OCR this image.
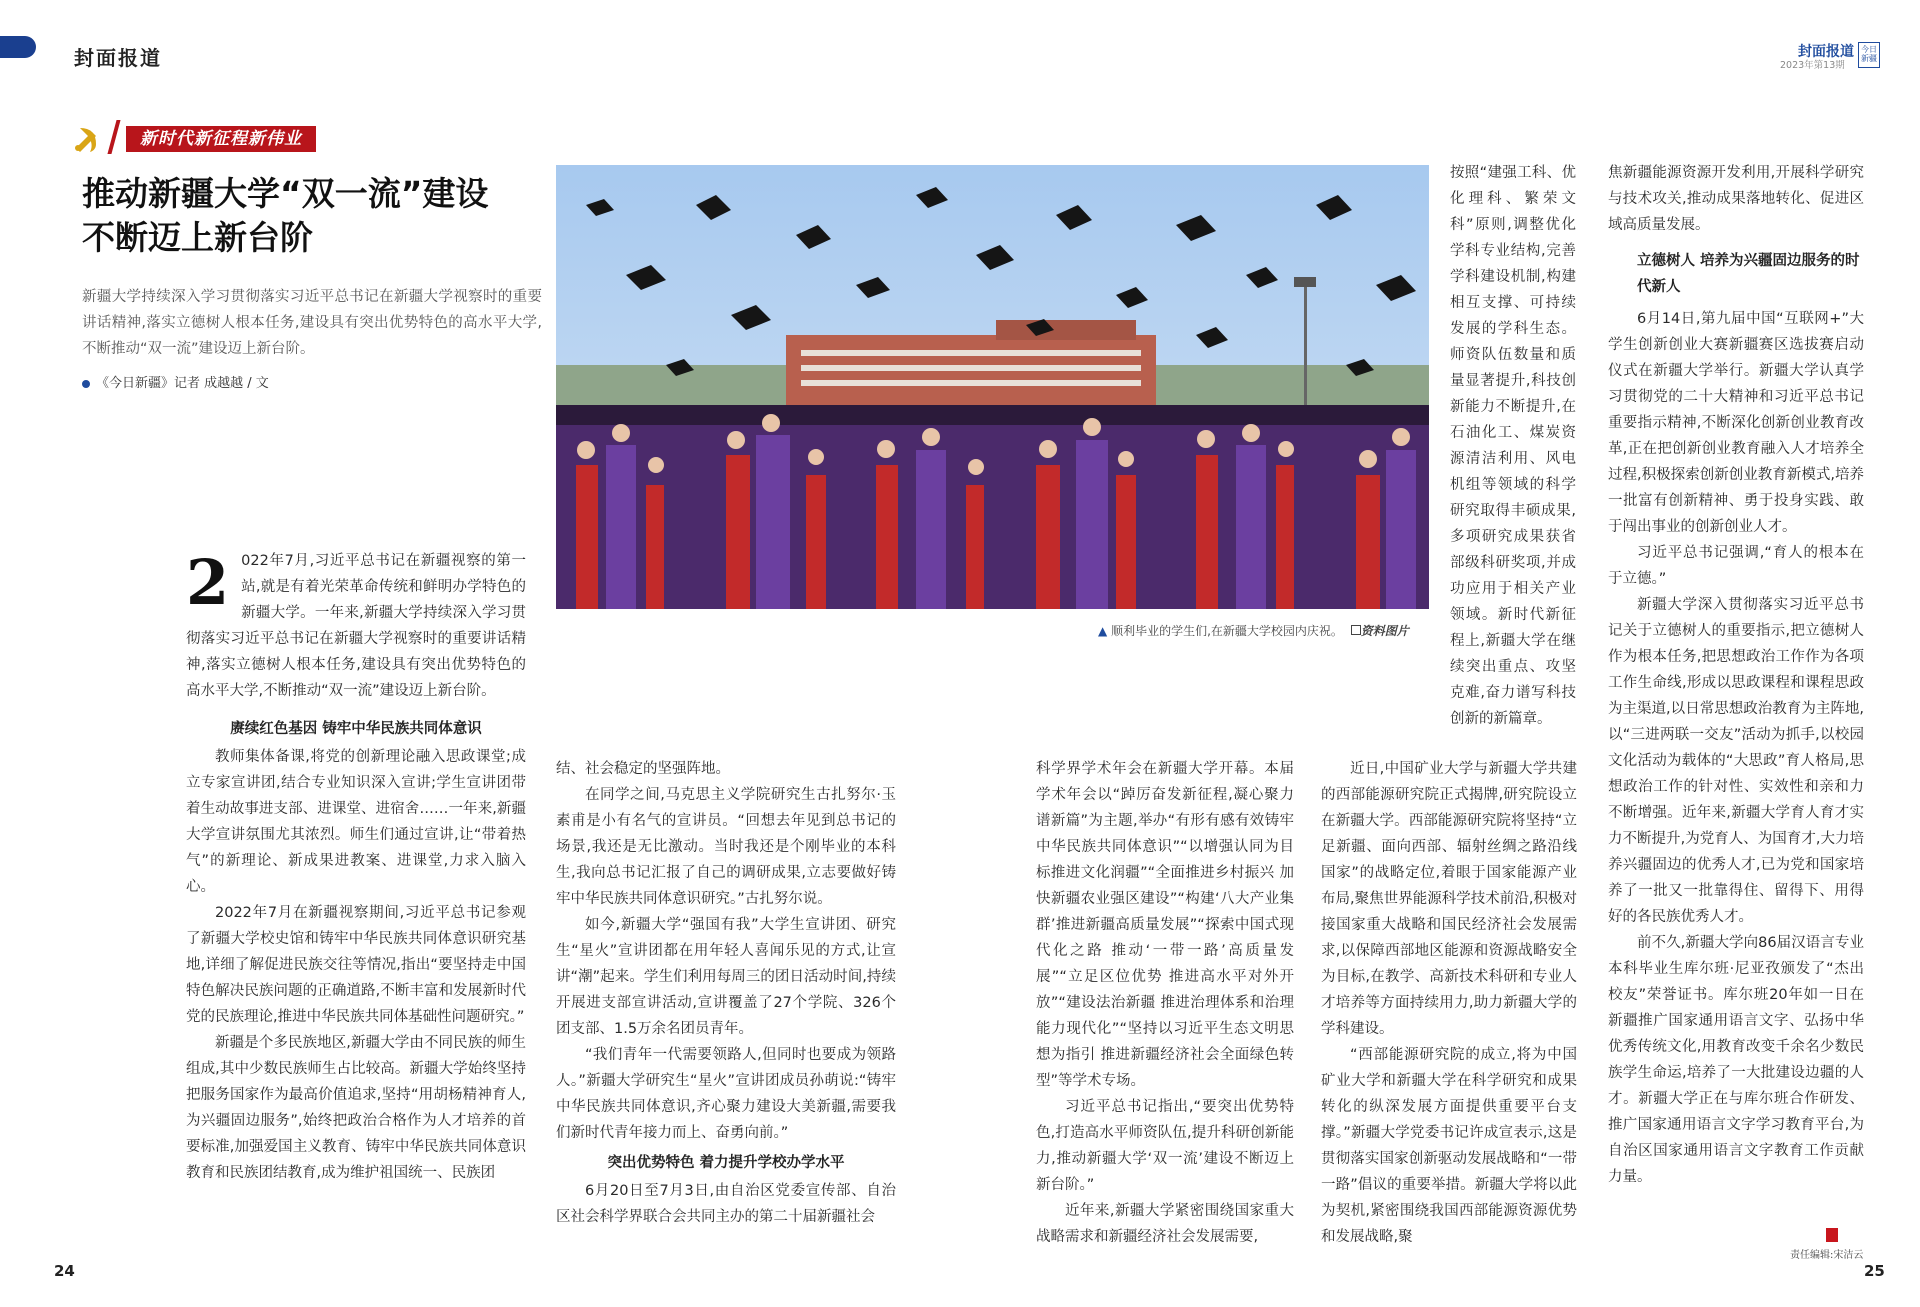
封面报道	封面报道
2023年第13期
今日新疆
新时代新征程新伟业
推动新疆大学“双一流”建设
不断迈上新台阶
新疆大学持续深入学习贯彻落实习近平总书记在新疆大学视察时的重要讲话精神,落实立德树人根本任务,建设具有突出优势特色的高水平大学,不断推动“双一流”建设迈上新台阶。
《今日新疆》记者 成越越 / 文
▲ 顺利毕业的学生们,在新疆大学校园内庆祝。 资料图片
2 022年7月,习近平总书记在新疆视察的第一站,就是有着光荣革命传统和鲜明办学特色的新疆大学。一年来,新疆大学持续深入学习贯彻落实习近平总书记在新疆大学视察时的重要讲话精神,落实立德树人根本任务,建设具有突出优势特色的高水平大学,不断推动“双一流”建设迈上新台阶。
赓续红色基因 铸牢中华民族共同体意识

教师集体备课,将党的创新理论融入思政课堂;成立专家宣讲团,结合专业知识深入宣讲;学生宣讲团带着生动故事进支部、进课堂、进宿舍……一年来,新疆大学宣讲氛围尤其浓烈。师生们通过宣讲,让“带着热气”的新理论、新成果进教案、进课堂,力求入脑入心。

2022年7月在新疆视察期间,习近平总书记参观了新疆大学校史馆和铸牢中华民族共同体意识研究基地,详细了解促进民族交往等情况,指出“要坚持走中国特色解决民族问题的正确道路,不断丰富和发展新时代党的民族理论,推进中华民族共同体基础性问题研究。”

新疆是个多民族地区,新疆大学由不同民族的师生组成,其中少数民族师生占比较高。新疆大学始终坚持把服务国家作为最高价值追求,坚持“用胡杨精神育人,为兴疆固边服务”,始终把政治合格作为人才培养的首要标准,加强爱国主义教育、铸牢中华民族共同体意识教育和民族团结教育,成为维护祖国统一、民族团

结、社会稳定的坚强阵地。

在同学之间,马克思主义学院研究生古扎努尔·玉素甫是小有名气的宣讲员。“回想去年见到总书记的场景,我还是无比激动。当时我还是个刚毕业的本科生,我向总书记汇报了自己的调研成果,立志要做好铸牢中华民族共同体意识研究。”古扎努尔说。

如今,新疆大学“强国有我”大学生宣讲团、研究生“星火”宣讲团都在用年轻人喜闻乐见的方式,让宣讲“潮”起来。学生们利用每周三的团日活动时间,持续开展进支部宣讲活动,宣讲覆盖了27个学院、326个团支部、1.5万余名团员青年。

“我们青年一代需要领路人,但同时也要成为领路人。”新疆大学研究生“星火”宣讲团成员孙萌说:“铸牢中华民族共同体意识,齐心聚力建设大美新疆,需要我们新时代青年接力而上、奋勇向前。”

突出优势特色 着力提升学校办学水平

6月20日至7月3日,由自治区党委宣传部、自治区社会科学界联合会共同主办的第二十届新疆社会

科学界学术年会在新疆大学开幕。本届学术年会以“踔厉奋发新征程,凝心聚力谱新篇”为主题,举办“有形有感有效铸牢中华民族共同体意识”“以增强认同为目标推进文化润疆”“全面推进乡村振兴 加快新疆农业强区建设”“构建‘八大产业集群’推进新疆高质量发展”“探索中国式现代化之路 推动‘一带一路’高质量发展”“立足区位优势 推进高水平对外开放”“建设法治新疆 推进治理体系和治理能力现代化”“坚持以习近平生态文明思想为指引 推进新疆经济社会全面绿色转型”等学术专场。

习近平总书记指出,“要突出优势特色,打造高水平师资队伍,提升科研创新能力,推动新疆大学‘双一流’建设不断迈上新台阶。”

近年来,新疆大学紧密围绕国家重大战略需求和新疆经济社会发展需要,

按照“建强工科、优化理科、繁荣文科”原则,调整优化学科专业结构,完善学科建设机制,构建相互支撑、可持续发展的学科生态。师资队伍数量和质量显著提升,科技创新能力不断提升,在石油化工、煤炭资源清洁利用、风电机组等领域的科学研究取得丰硕成果,多项研究成果获省部级科研奖项,并成功应用于相关产业领域。新时代新征程上,新疆大学在继续突出重点、攻坚克难,奋力谱写科技创新的新篇章。

近日,中国矿业大学与新疆大学共建的西部能源研究院正式揭牌,研究院设立在新疆大学。西部能源研究院将坚持“立足新疆、面向西部、辐射丝绸之路沿线国家”的战略定位,着眼于国家能源产业布局,聚焦世界能源科学技术前沿,积极对接国家重大战略和国民经济社会发展需求,以保障西部地区能源和资源战略安全为目标,在教学、高新技术科研和专业人才培养等方面持续用力,助力新疆大学的学科建设。

“西部能源研究院的成立,将为中国矿业大学和新疆大学在科学研究和成果转化的纵深发展方面提供重要平台支撑。”新疆大学党委书记许成宣表示,这是贯彻落实国家创新驱动发展战略和“一带一路”倡议的重要举措。新疆大学将以此为契机,紧密围绕我国西部能源资源优势和发展战略,聚

焦新疆能源资源开发利用,开展科学研究与技术攻关,推动成果落地转化、促进区域高质量发展。
立德树人 培养为兴疆固边服务的时代新人

6月14日,第九届中国“互联网+”大学生创新创业大赛新疆赛区选拔赛启动仪式在新疆大学举行。新疆大学认真学习贯彻党的二十大精神和习近平总书记重要指示精神,不断深化创新创业教育改革,正在把创新创业教育融入人才培养全过程,积极探索创新创业教育新模式,培养一批富有创新精神、勇于投身实践、敢于闯出事业的创新创业人才。

习近平总书记强调,“育人的根本在于立德。”

新疆大学深入贯彻落实习近平总书记关于立德树人的重要指示,把立德树人作为根本任务,把思想政治工作作为各项工作生命线,形成以思政课程和课程思政为主渠道,以日常思想政治教育为主阵地,以“三进两联一交友”活动为抓手,以校园文化活动为载体的“大思政”育人格局,思想政治工作的针对性、实效性和亲和力不断增强。近年来,新疆大学育人育才实力不断提升,为党育人、为国育才,大力培养兴疆固边的优秀人才,已为党和国家培养了一批又一批靠得住、留得下、用得好的各民族优秀人才。

前不久,新疆大学向86届汉语言专业本科毕业生库尔班·尼亚孜颁发了“杰出校友”荣誉证书。库尔班20年如一日在新疆推广国家通用语言文字、弘扬中华优秀传统文化,用教育改变千余名少数民族学生命运,培养了一大批建设边疆的人才。新疆大学正在与库尔班合作研发、推广国家通用语言文字学习教育平台,为自治区国家通用语言文字教育工作贡献力量。

24	25
责任编辑:宋洁云
